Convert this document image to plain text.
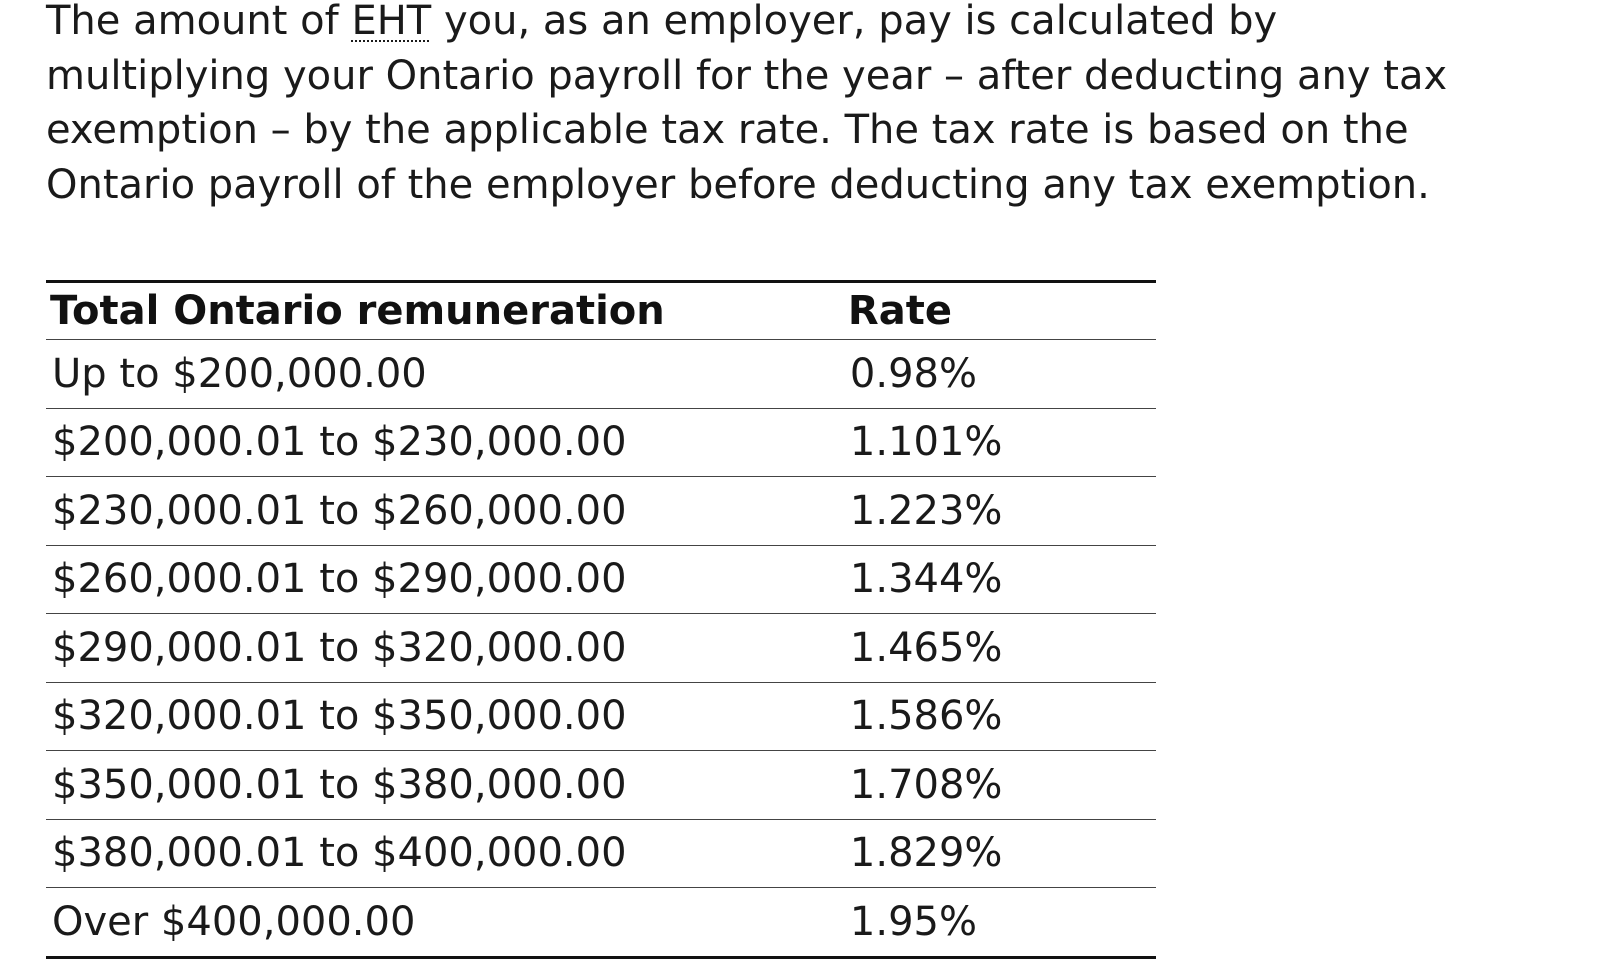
The amount of EHT you, as an employer, pay is calculated by
multiplying your Ontario payroll for the year – after deducting any tax
exemption – by the applicable tax rate. The tax rate is based on the
Ontario payroll of the employer before deducting any tax exemption.

Total Ontario remuneration	Rate
Up to $200,000.00	0.98%
$200,000.01 to $230,000.00	1.101%
$230,000.01 to $260,000.00	1.223%
$260,000.01 to $290,000.00	1.344%
$290,000.01 to $320,000.00	1.465%
$320,000.01 to $350,000.00	1.586%
$350,000.01 to $380,000.00	1.708%
$380,000.01 to $400,000.00	1.829%
Over $400,000.00	1.95%
